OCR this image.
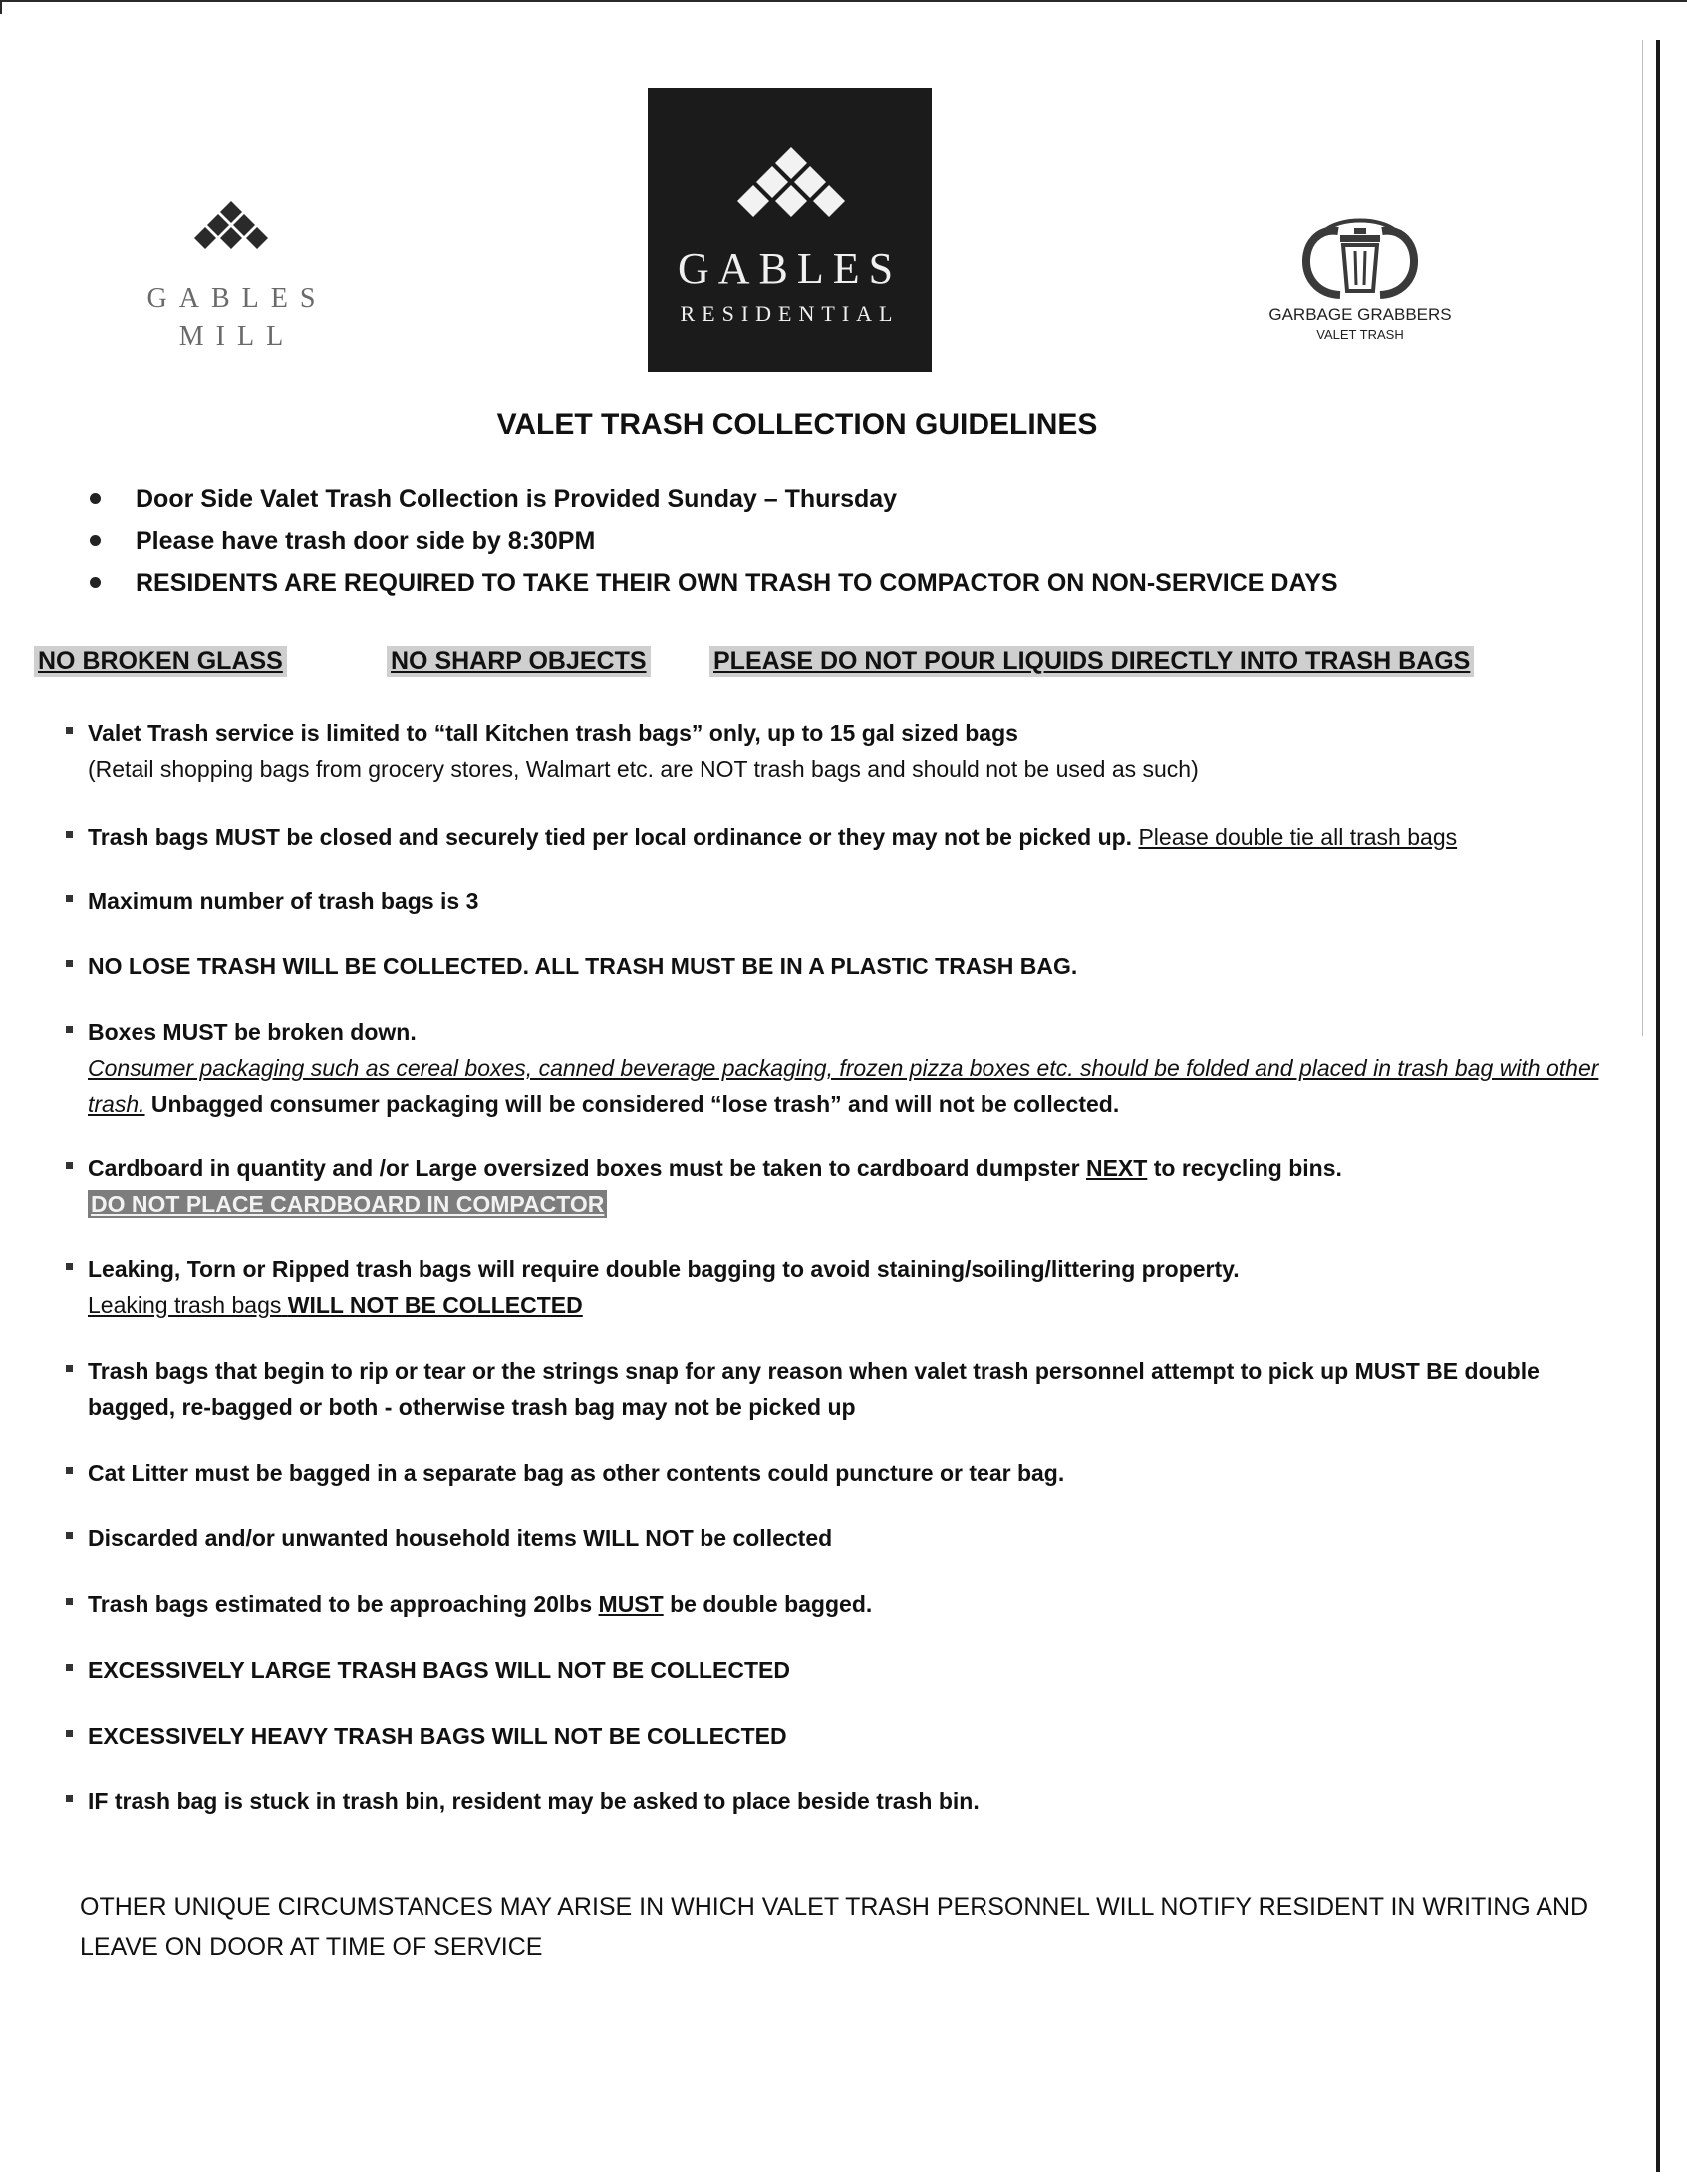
GABLES
MILL
GABLES
RESIDENTIAL	GARBAGE GRABBERS
VALET TRASH
VALET TRASH COLLECTION GUIDELINES
Door Side Valet Trash Collection is Provided Sunday – Thursday
Please have trash door side by 8:30PM
RESIDENTS ARE REQUIRED TO TAKE THEIR OWN TRASH TO COMPACTOR ON NON-SERVICE DAYS
NO BROKEN GLASS	NO SHARP OBJECTS	PLEASE DO NOT POUR LIQUIDS DIRECTLY INTO TRASH BAGS
Valet Trash service is limited to “tall Kitchen trash bags” only, up to 15 gal sized bags
(Retail shopping bags from grocery stores, Walmart etc. are NOT trash bags and should not be used as such)
Trash bags MUST be closed and securely tied per local ordinance or they may not be picked up. Please double tie all trash bags
Maximum number of trash bags is 3
NO LOSE TRASH WILL BE COLLECTED. ALL TRASH MUST BE IN A PLASTIC TRASH BAG.
Boxes MUST be broken down.
Consumer packaging such as cereal boxes, canned beverage packaging, frozen pizza boxes etc. should be folded and placed in trash bag with other trash. Unbagged consumer packaging will be considered “lose trash” and will not be collected.
Cardboard in quantity and /or Large oversized boxes must be taken to cardboard dumpster NEXT to recycling bins.
DO NOT PLACE CARDBOARD IN COMPACTOR
Leaking, Torn or Ripped trash bags will require double bagging to avoid staining/soiling/littering property.
Leaking trash bags WILL NOT BE COLLECTED
Trash bags that begin to rip or tear or the strings snap for any reason when valet trash personnel attempt to pick up MUST BE double bagged, re-bagged or both - otherwise trash bag may not be picked up
Cat Litter must be bagged in a separate bag as other contents could puncture or tear bag.
Discarded and/or unwanted household items WILL NOT be collected
Trash bags estimated to be approaching 20lbs MUST be double bagged.
EXCESSIVELY LARGE TRASH BAGS WILL NOT BE COLLECTED
EXCESSIVELY HEAVY TRASH BAGS WILL NOT BE COLLECTED
IF trash bag is stuck in trash bin, resident may be asked to place beside trash bin.
OTHER UNIQUE CIRCUMSTANCES MAY ARISE IN WHICH VALET TRASH PERSONNEL WILL NOTIFY RESIDENT IN WRITING AND LEAVE ON DOOR AT TIME OF SERVICE
